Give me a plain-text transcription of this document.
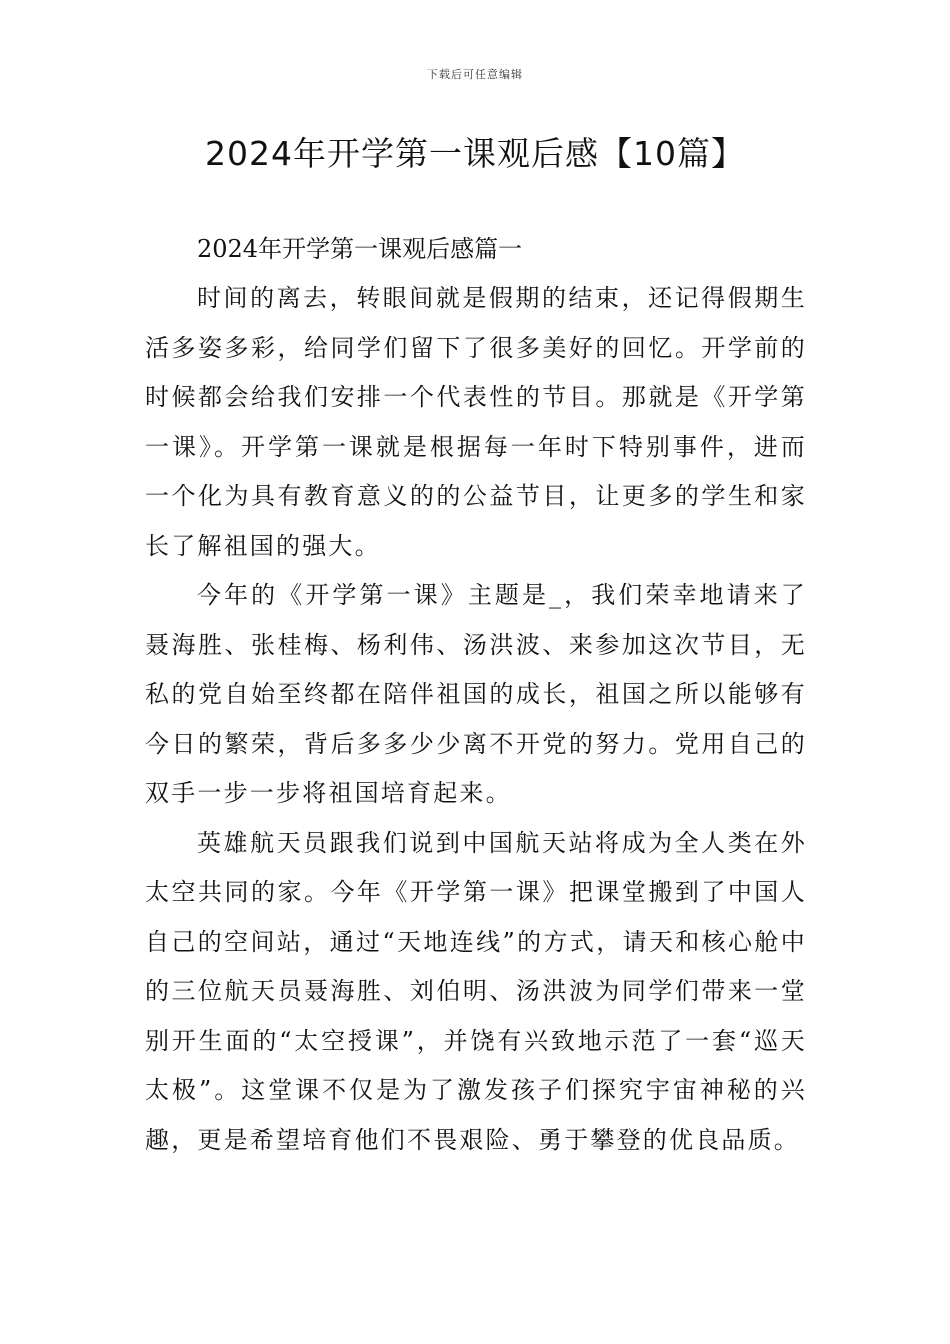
下载后可任意编辑
2024年开学第一课观后感【10篇】
2024年开学第一课观后感篇一

时间的离去，转眼间就是假期的结束，还记得假期生活多姿多彩，给同学们留下了很多美好的回忆。开学前的时候都会给我们安排一个代表性的节目。那就是《开学第一课》。开学第一课就是根据每一年时下特别事件，进而一个化为具有教育意义的的公益节目，让更多的学生和家长了解祖国的强大。

今年的《开学第一课》主题是_，我们荣幸地请来了聂海胜、张桂梅、杨利伟、汤洪波、来参加这次节目，无私的党自始至终都在陪伴祖国的成长，祖国之所以能够有今日的繁荣，背后多多少少离不开党的努力。党用自己的双手一步一步将祖国培育起来。

英雄航天员跟我们说到中国航天站将成为全人类在外太空共同的家。今年《开学第一课》把课堂搬到了中国人自己的空间站，通过“天地连线”的方式，请天和核心舱中的三位航天员聂海胜、刘伯明、汤洪波为同学们带来一堂别开生面的“太空授课”，并饶有兴致地示范了一套“巡天太极”。这堂课不仅是为了激发孩子们探究宇宙神秘的兴趣，更是希望培育他们不畏艰险、勇于攀登的优良品质。
